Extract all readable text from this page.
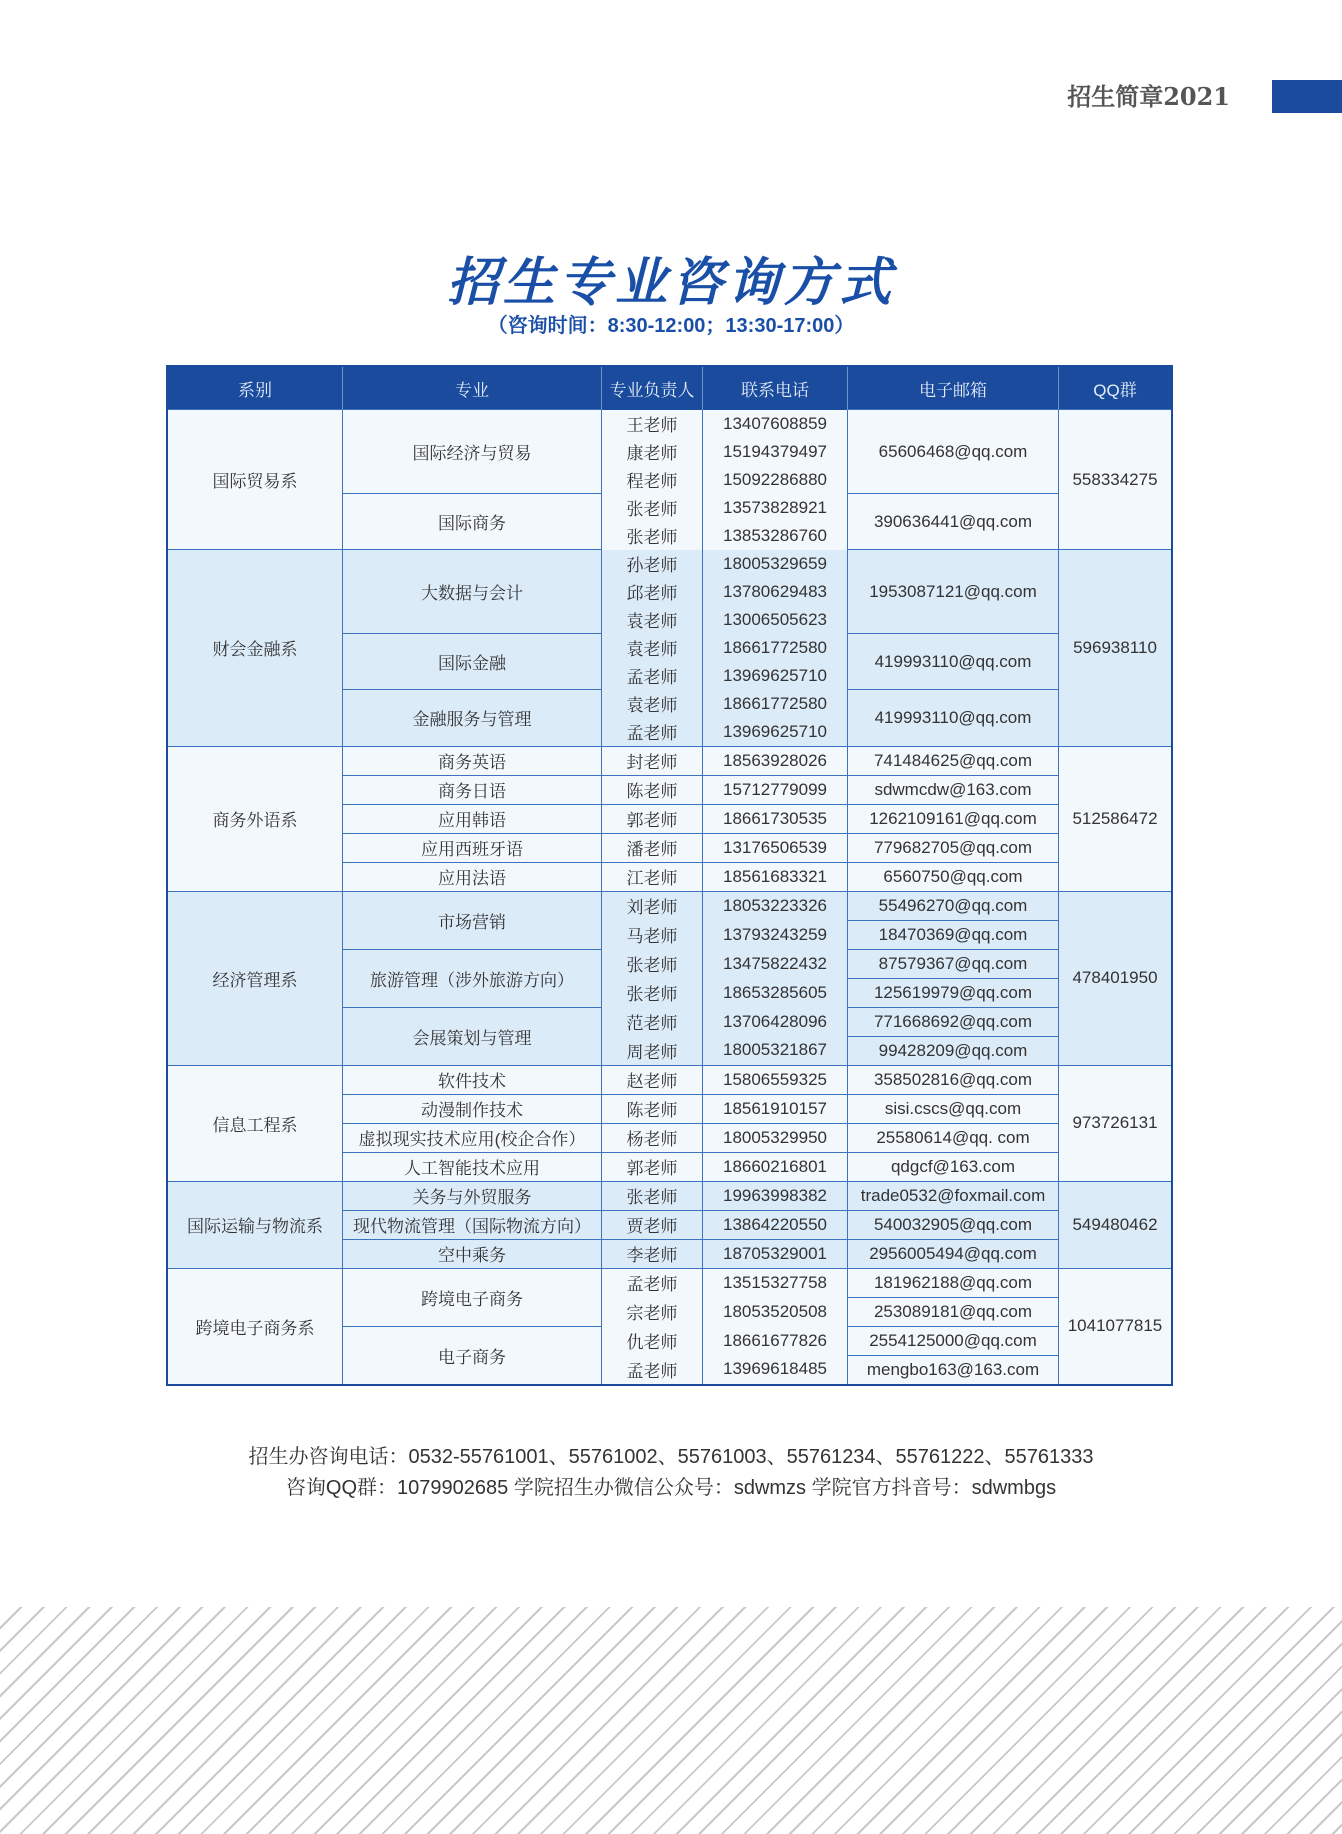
招生简章2021
招生专业咨询方式
（咨询时间：8:30-12:00；13:30-17:00）
系别	专业	专业负责人	联系电话	电子邮箱	QQ群
国际贸易系	国际经济与贸易	王老师	13407608859	65606468@qq.com	558334275
		康老师	15194379497		
		程老师	15092286880		
	国际商务	张老师	13573828921	390636441@qq.com	
		张老师	13853286760		
财会金融系	大数据与会计	孙老师	18005329659	1953087121@qq.com	596938110
		邱老师	13780629483		
		袁老师	13006505623		
	国际金融	袁老师	18661772580	419993110@qq.com	
		孟老师	13969625710		
	金融服务与管理	袁老师	18661772580	419993110@qq.com	
		孟老师	13969625710		
商务外语系	商务英语	封老师	18563928026	741484625@qq.com	512586472
	商务日语	陈老师	15712779099	sdwmcdw@163.com	
	应用韩语	郭老师	18661730535	1262109161@qq.com	
	应用西班牙语	潘老师	13176506539	779682705@qq.com	
	应用法语	江老师	18561683321	6560750@qq.com	
经济管理系	市场营销	刘老师	18053223326	55496270@qq.com	478401950
		马老师	13793243259	18470369@qq.com	
	旅游管理（涉外旅游方向）	张老师	13475822432	87579367@qq.com	
		张老师	18653285605	125619979@qq.com	
	会展策划与管理	范老师	13706428096	771668692@qq.com	
		周老师	18005321867	99428209@qq.com	
信息工程系	软件技术	赵老师	15806559325	358502816@qq.com	973726131
	动漫制作技术	陈老师	18561910157	sisi.cscs@qq.com	
	虚拟现实技术应用(校企合作）	杨老师	18005329950	25580614@qq. com	
	人工智能技术应用	郭老师	18660216801	qdgcf@163.com	
国际运输与物流系	关务与外贸服务	张老师	19963998382	trade0532@foxmail.com	549480462
	现代物流管理（国际物流方向）	贾老师	13864220550	540032905@qq.com	
	空中乘务	李老师	18705329001	2956005494@qq.com	
跨境电子商务系	跨境电子商务	孟老师	13515327758	181962188@qq.com	1041077815
		宗老师	18053520508	253089181@qq.com	
	电子商务	仇老师	18661677826	2554125000@qq.com	
		孟老师	13969618485	mengbo163@163.com	
招生办咨询电话：0532-55761001、55761002、55761003、55761234、55761222、55761333
咨询QQ群：1079902685 学院招生办微信公众号：sdwmzs 学院官方抖音号：sdwmbgs
